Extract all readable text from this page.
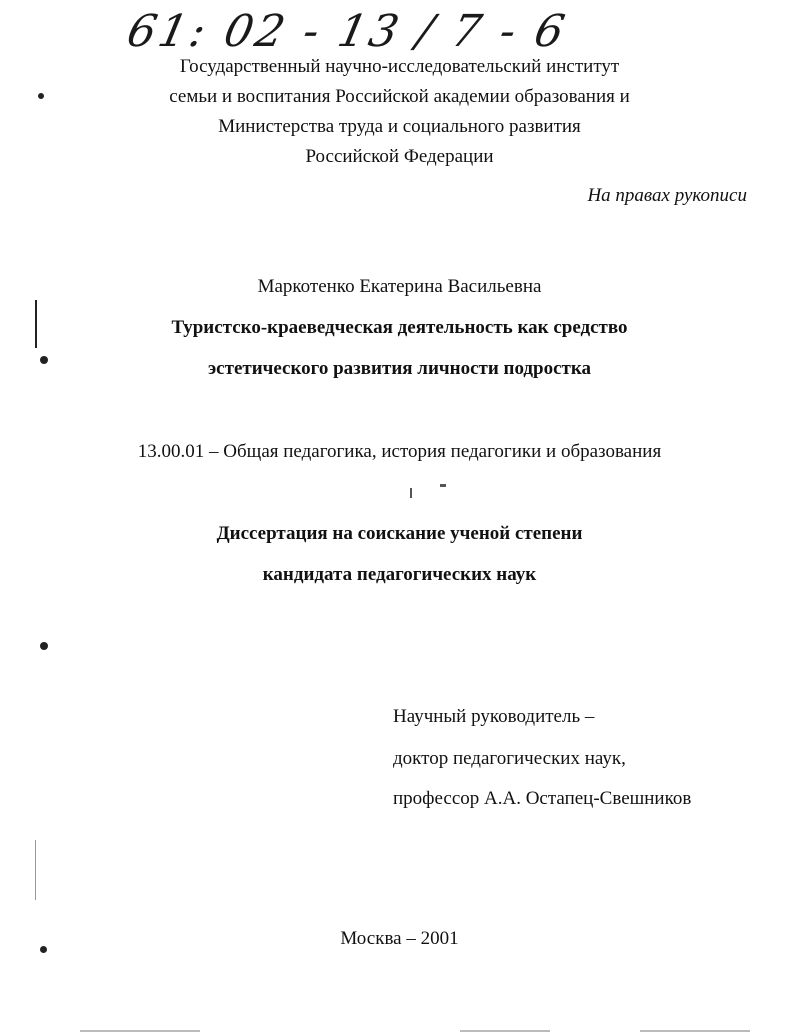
61: 02 - 13 / 7 - 6
Государственный научно-исследовательский институт
семьи и воспитания Российской академии образования и
Министерства труда и социального развития
Российской Федерации
На правах рукописи
Маркотенко Екатерина Васильевна
Туристско-краеведческая деятельность как средство
эстетического развития личности подростка
13.00.01 – Общая педагогика, история педагогики и образования
Диссертация на соискание ученой степени
кандидата педагогических наук
Научный руководитель –
доктор педагогических наук,
профессор А.А. Остапец-Свешников
Москва – 2001
